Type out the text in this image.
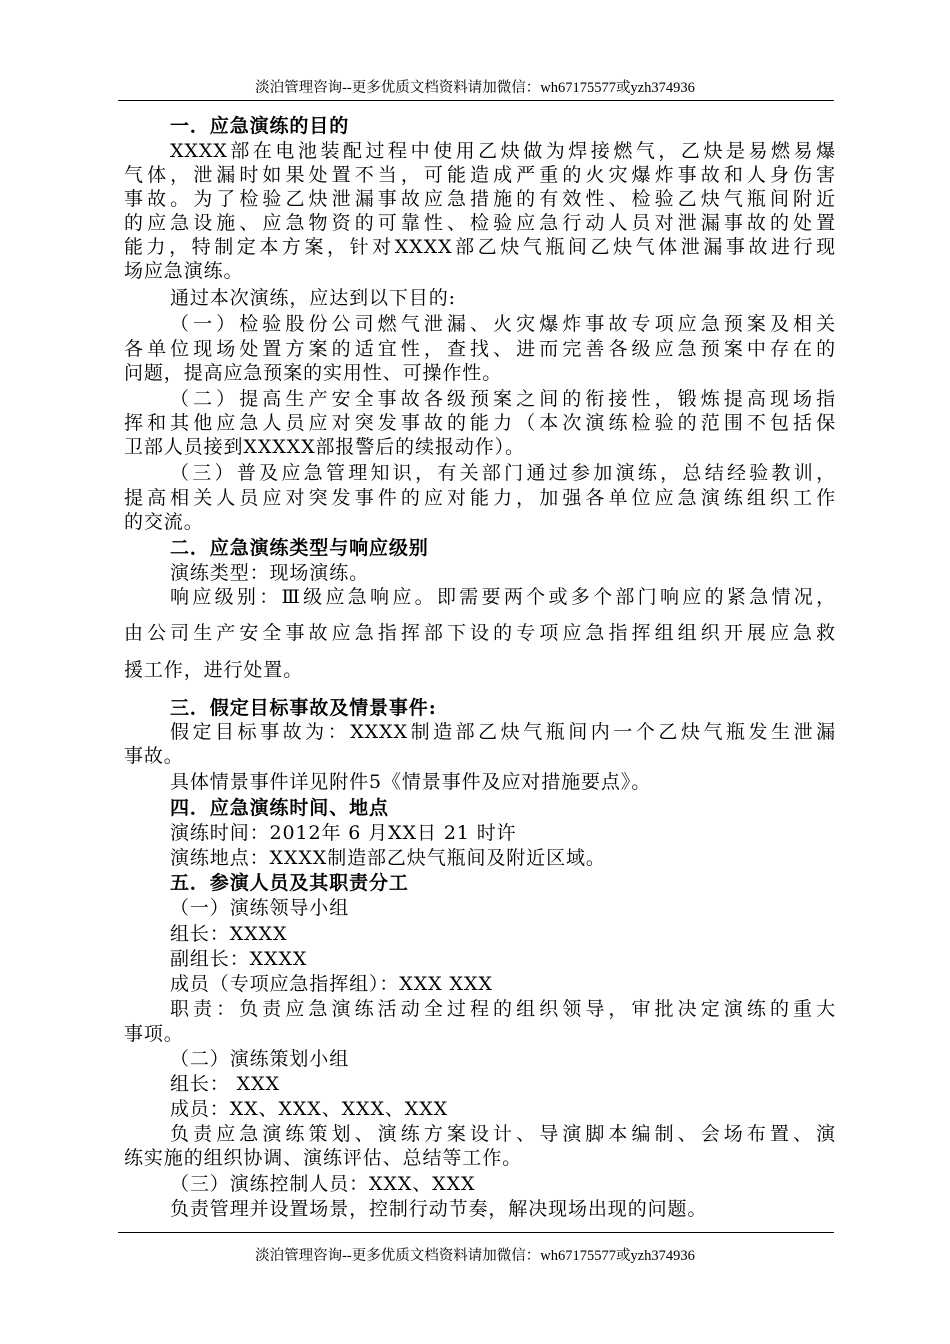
淡泊管理咨询--更多优质文档资料请加微信：wh67175577或yzh374936
一．应急演练的目的
XXXX部在电池装配过程中使用乙炔做为焊接燃气，乙炔是易燃易爆
气体，泄漏时如果处置不当，可能造成严重的火灾爆炸事故和人身伤害
事故。为了检验乙炔泄漏事故应急措施的有效性、检验乙炔气瓶间附近
的应急设施、应急物资的可靠性、检验应急行动人员对泄漏事故的处置
能力，特制定本方案，针对XXXX部乙炔气瓶间乙炔气体泄漏事故进行现
场应急演练。
通过本次演练，应达到以下目的:
（一）检验股份公司燃气泄漏、火灾爆炸事故专项应急预案及相关
各单位现场处置方案的适宜性，查找、进而完善各级应急预案中存在的
问题，提高应急预案的实用性、可操作性。
（二）提高生产安全事故各级预案之间的衔接性，锻炼提高现场指
挥和其他应急人员应对突发事故的能力（本次演练检验的范围不包括保
卫部人员接到XXXXX部报警后的续报动作）。
（三）普及应急管理知识，有关部门通过参加演练，总结经验教训，
提高相关人员应对突发事件的应对能力，加强各单位应急演练组织工作
的交流。
二．应急演练类型与响应级别
演练类型：现场演练。
响应级别：Ⅲ级应急响应。即需要两个或多个部门响应的紧急情况，
由公司生产安全事故应急指挥部下设的专项应急指挥组组织开展应急救
援工作，进行处置。
三．假定目标事故及情景事件:
假定目标事故为：XXXX制造部乙炔气瓶间内一个乙炔气瓶发生泄漏
事故。
具体情景事件详见附件5《情景事件及应对措施要点》。
四．应急演练时间、地点
演练时间：2012年 6 月XX日 21 时许
演练地点：XXXX制造部乙炔气瓶间及附近区域。
五．参演人员及其职责分工
（一）演练领导小组
组长：XXXX
副组长：XXXX
成员（专项应急指挥组）：XXX XXX
职责：负责应急演练活动全过程的组织领导，审批决定演练的重大
事项。
（二）演练策划小组
组长： XXX
成员：XX、XXX、XXX、XXX
负责应急演练策划、演练方案设计、导演脚本编制、会场布置、演
练实施的组织协调、演练评估、总结等工作。
（三）演练控制人员：XXX、XXX
负责管理并设置场景，控制行动节奏，解决现场出现的问题。
淡泊管理咨询--更多优质文档资料请加微信：wh67175577或yzh374936
